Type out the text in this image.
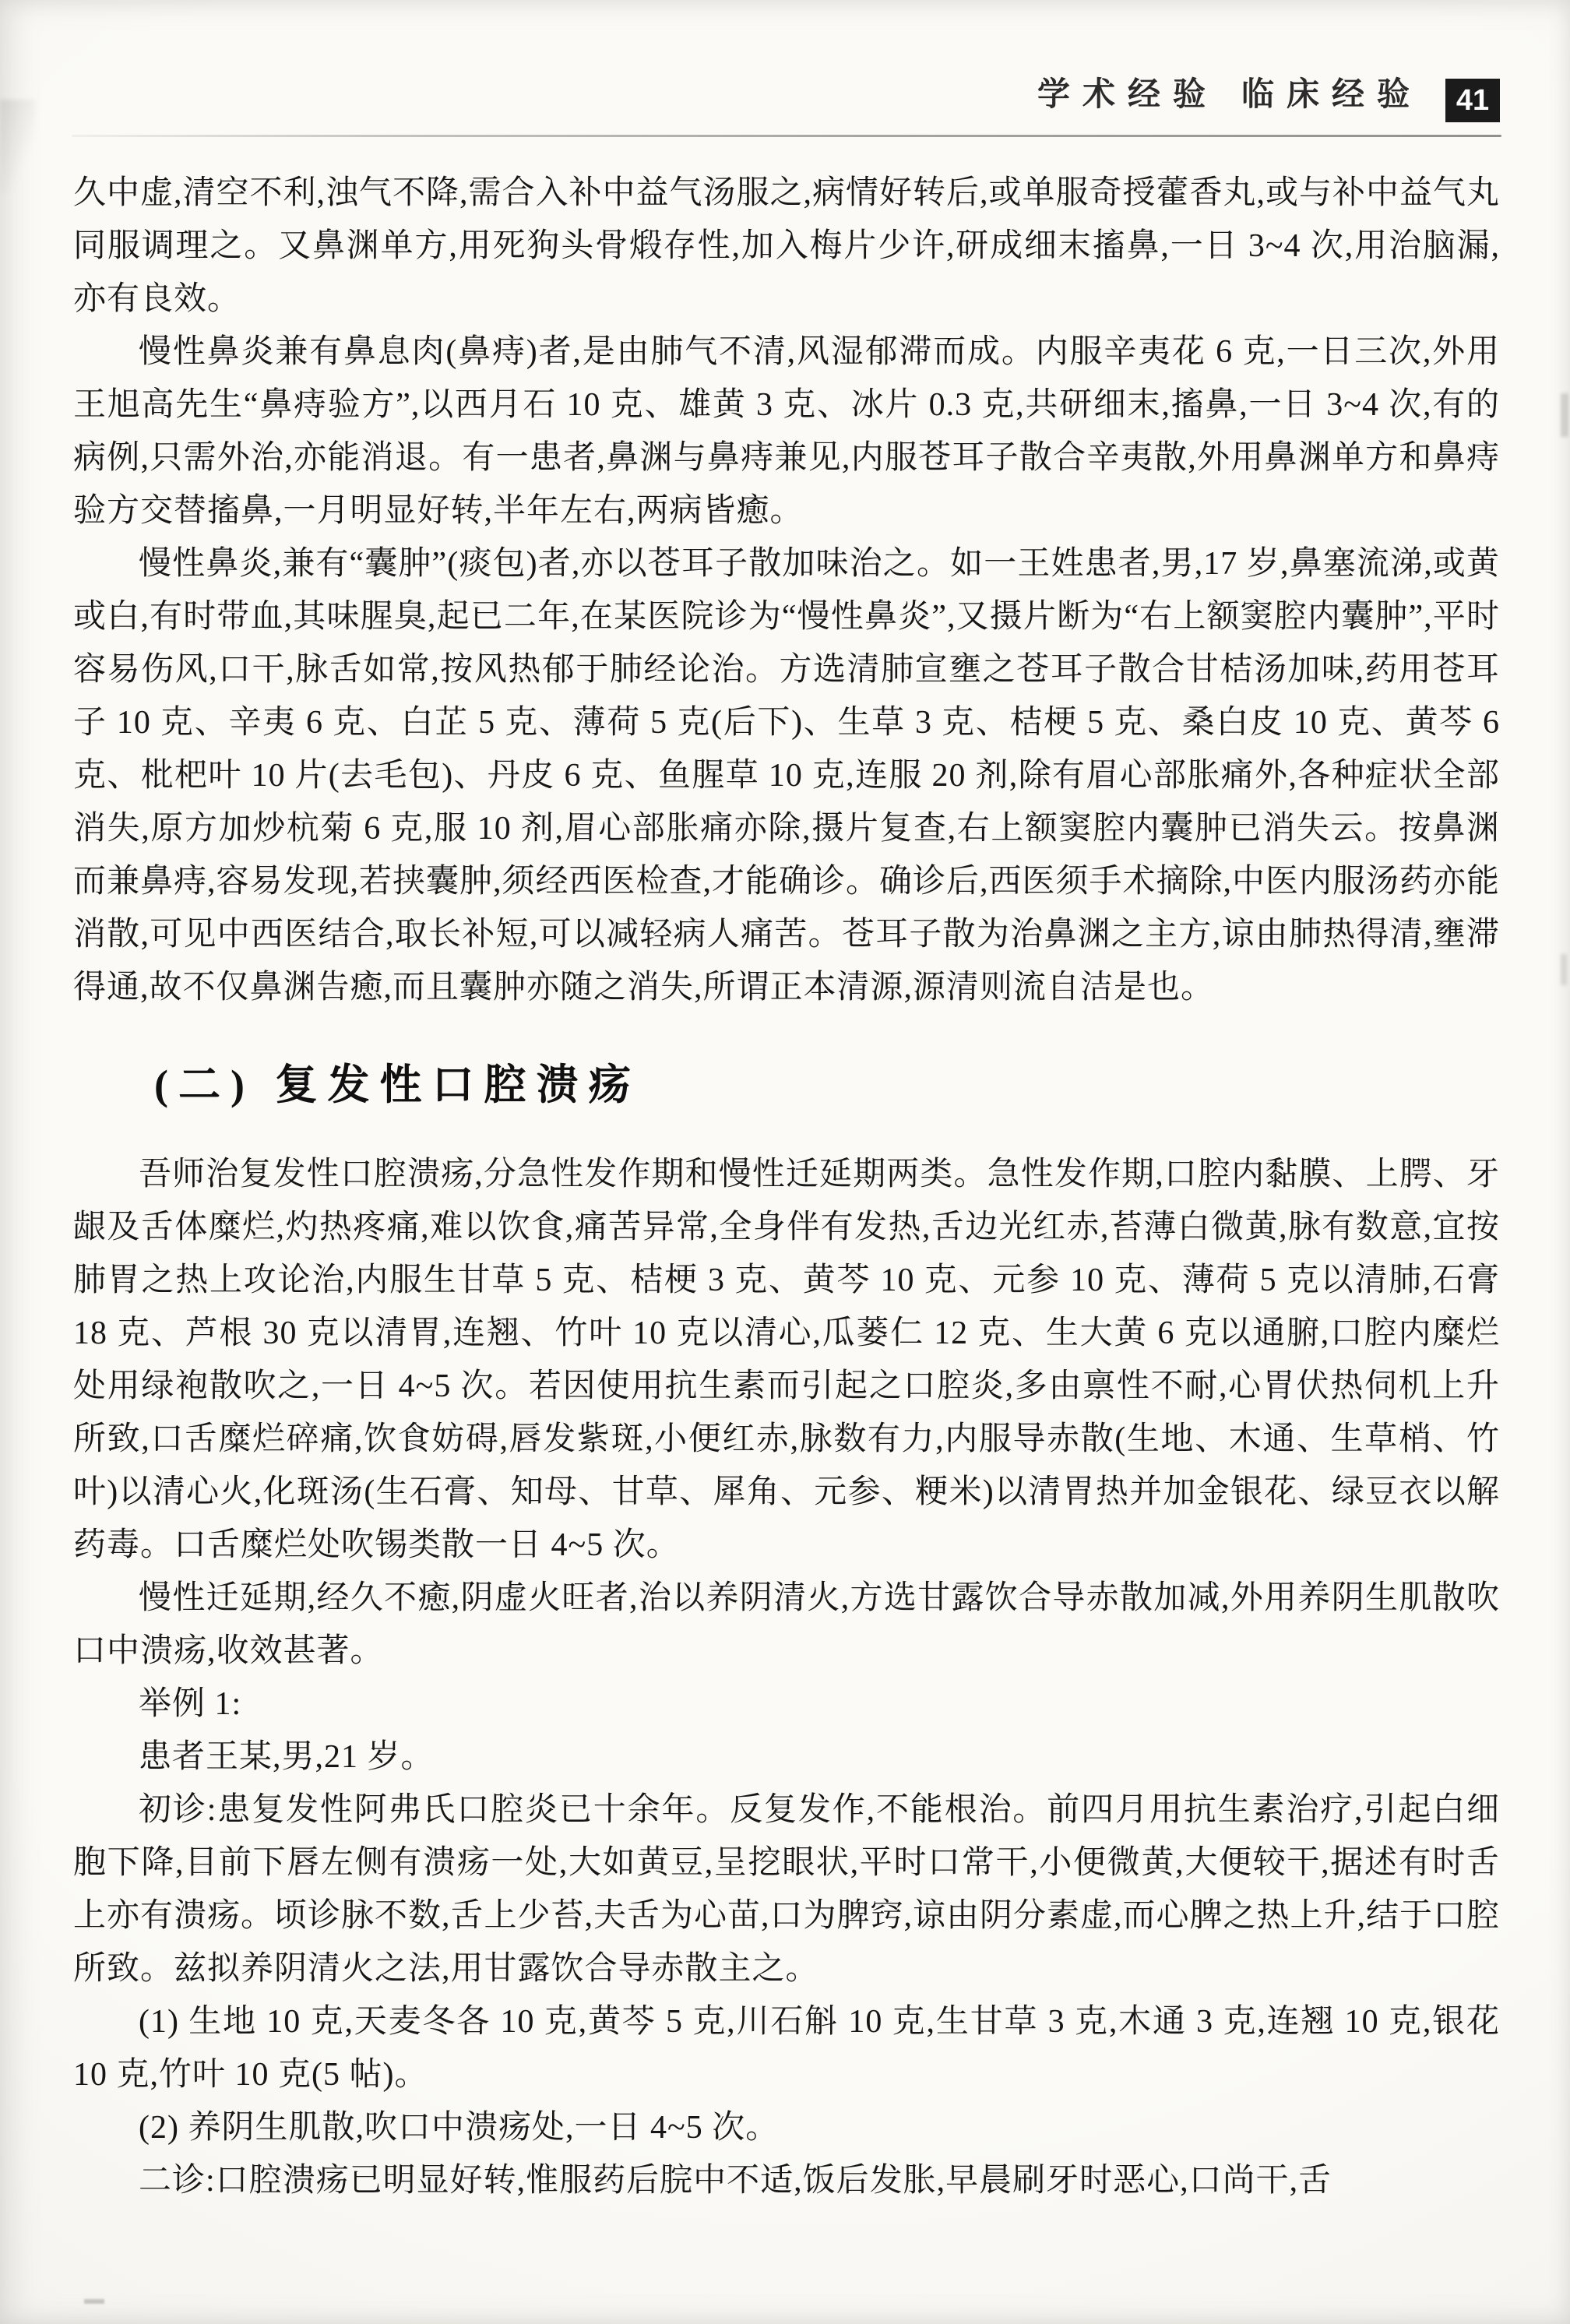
学术经验 临床经验 41

久中虚,清空不利,浊气不降,需合入补中益气汤服之,病情好转后,或单服奇授藿香丸,或与补中益气丸同服调理之。又鼻渊单方,用死狗头骨煅存性,加入梅片少许,研成细末搐鼻,一日 3~4 次,用治脑漏,亦有良效。

慢性鼻炎兼有鼻息肉(鼻痔)者,是由肺气不清,风湿郁滞而成。内服辛夷花 6 克,一日三次,外用王旭高先生“鼻痔验方”,以西月石 10 克、雄黄 3 克、冰片 0.3 克,共研细末,搐鼻,一日 3~4 次,有的病例,只需外治,亦能消退。有一患者,鼻渊与鼻痔兼见,内服苍耳子散合辛夷散,外用鼻渊单方和鼻痔验方交替搐鼻,一月明显好转,半年左右,两病皆癒。

慢性鼻炎,兼有“囊肿”(痰包)者,亦以苍耳子散加味治之。如一王姓患者,男,17 岁,鼻塞流涕,或黄或白,有时带血,其味腥臭,起已二年,在某医院诊为“慢性鼻炎”,又摄片断为“右上额窦腔内囊肿”,平时容易伤风,口干,脉舌如常,按风热郁于肺经论治。方选清肺宣壅之苍耳子散合甘桔汤加味,药用苍耳子 10 克、辛夷 6 克、白芷 5 克、薄荷 5 克(后下)、生草 3 克、桔梗 5 克、桑白皮 10 克、黄芩 6 克、枇杷叶 10 片(去毛包)、丹皮 6 克、鱼腥草 10 克,连服 20 剂,除有眉心部胀痛外,各种症状全部消失,原方加炒杭菊 6 克,服 10 剂,眉心部胀痛亦除,摄片复查,右上额窦腔内囊肿已消失云。按鼻渊而兼鼻痔,容易发现,若挟囊肿,须经西医检查,才能确诊。确诊后,西医须手术摘除,中医内服汤药亦能消散,可见中西医结合,取长补短,可以减轻病人痛苦。苍耳子散为治鼻渊之主方,谅由肺热得清,壅滞得通,故不仅鼻渊告癒,而且囊肿亦随之消失,所谓正本清源,源清则流自洁是也。

(二) 复发性口腔溃疡

吾师治复发性口腔溃疡,分急性发作期和慢性迁延期两类。急性发作期,口腔内黏膜、上腭、牙龈及舌体糜烂,灼热疼痛,难以饮食,痛苦异常,全身伴有发热,舌边光红赤,苔薄白微黄,脉有数意,宜按肺胃之热上攻论治,内服生甘草 5 克、桔梗 3 克、黄芩 10 克、元参 10 克、薄荷 5 克以清肺,石膏 18 克、芦根 30 克以清胃,连翘、竹叶 10 克以清心,瓜蒌仁 12 克、生大黄 6 克以通腑,口腔内糜烂处用绿袍散吹之,一日 4~5 次。若因使用抗生素而引起之口腔炎,多由禀性不耐,心胃伏热伺机上升所致,口舌糜烂碎痛,饮食妨碍,唇发紫斑,小便红赤,脉数有力,内服导赤散(生地、木通、生草梢、竹叶)以清心火,化斑汤(生石膏、知母、甘草、犀角、元参、粳米)以清胃热并加金银花、绿豆衣以解药毒。口舌糜烂处吹锡类散一日 4~5 次。

慢性迁延期,经久不癒,阴虚火旺者,治以养阴清火,方选甘露饮合导赤散加减,外用养阴生肌散吹口中溃疡,收效甚著。

举例 1:

患者王某,男,21 岁。

初诊:患复发性阿弗氏口腔炎已十余年。反复发作,不能根治。前四月用抗生素治疗,引起白细胞下降,目前下唇左侧有溃疡一处,大如黄豆,呈挖眼状,平时口常干,小便微黄,大便较干,据述有时舌上亦有溃疡。顷诊脉不数,舌上少苔,夫舌为心苗,口为脾窍,谅由阴分素虚,而心脾之热上升,结于口腔所致。兹拟养阴清火之法,用甘露饮合导赤散主之。

(1) 生地 10 克,天麦冬各 10 克,黄芩 5 克,川石斛 10 克,生甘草 3 克,木通 3 克,连翘 10 克,银花 10 克,竹叶 10 克(5 帖)。

(2) 养阴生肌散,吹口中溃疡处,一日 4~5 次。

二诊:口腔溃疡已明显好转,惟服药后脘中不适,饭后发胀,早晨刷牙时恶心,口尚干,舌
